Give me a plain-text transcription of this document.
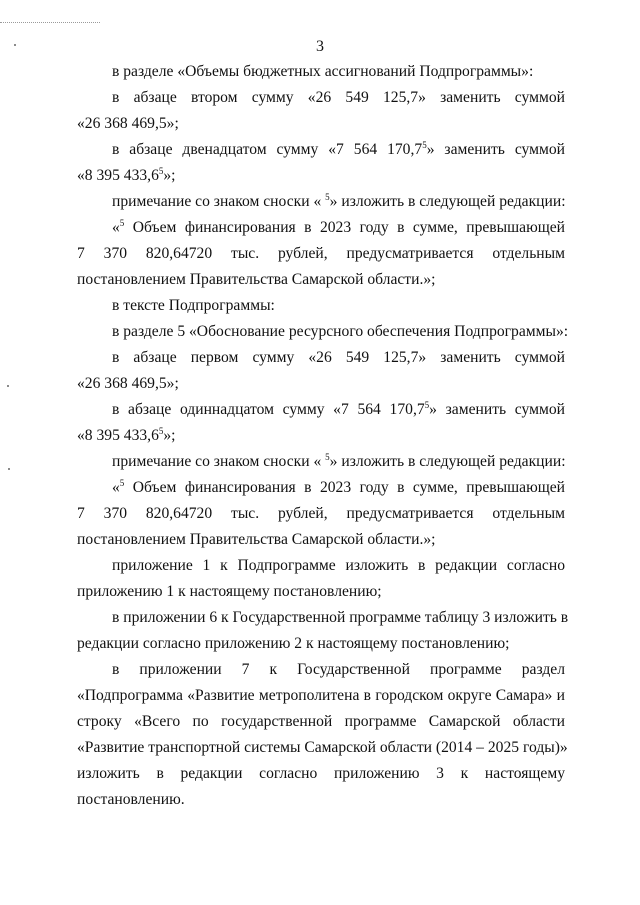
3
в разделе «Объемы бюджетных ассигнований Подпрограммы»:
в абзаце втором сумму «26 549 125,7» заменить суммой
«26 368 469,5»;
в абзаце двенадцатом сумму «7 564 170,7$^5$» заменить суммой
«8 395 433,6$^5$»;
примечание со знаком сноски « $^5$» изложить в следующей редакции:
«$^5$ Объем финансирования в 2023 году в сумме, превышающей
7 370 820,64720 тыс. рублей, предусматривается отдельным
постановлением Правительства Самарской области.»;
в тексте Подпрограммы:
в разделе 5 «Обоснование ресурсного обеспечения Подпрограммы»:
в абзаце первом сумму «26 549 125,7» заменить суммой
«26 368 469,5»;
в абзаце одиннадцатом сумму «7 564 170,7$^5$» заменить суммой
«8 395 433,6$^5$»;
примечание со знаком сноски « $^5$» изложить в следующей редакции:
«$^5$ Объем финансирования в 2023 году в сумме, превышающей
7 370 820,64720 тыс. рублей, предусматривается отдельным
постановлением Правительства Самарской области.»;
приложение 1 к Подпрограмме изложить в редакции согласно
приложению 1 к настоящему постановлению;
в приложении 6 к Государственной программе таблицу 3 изложить в
редакции согласно приложению 2 к настоящему постановлению;
в приложении 7 к Государственной программе раздел
«Подпрограмма «Развитие метрополитена в городском округе Самара» и
строку «Всего по государственной программе Самарской области
«Развитие транспортной системы Самарской области (2014 – 2025 годы)»
изложить в редакции согласно приложению 3 к настоящему
постановлению.
